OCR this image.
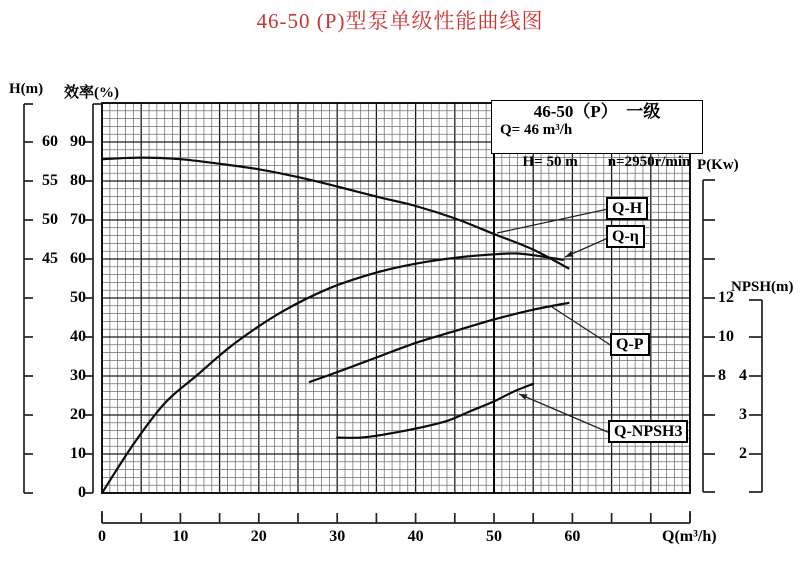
46-50 (P)型泵单级性能曲线图
H(m) 效率(%)
P(Kw)
NPSH(m)
Q(m³/h)
46-50（P）  一级
Q= 46 m³/h

H= 50 m n=2950r/min

Q-H
Q-η
Q-P
Q-NPSH3
60
55
50
45
90
80
70
60
50
40
30
20
10
0
12
10
8 4
3
2
0	10	20	30	40	50	60
